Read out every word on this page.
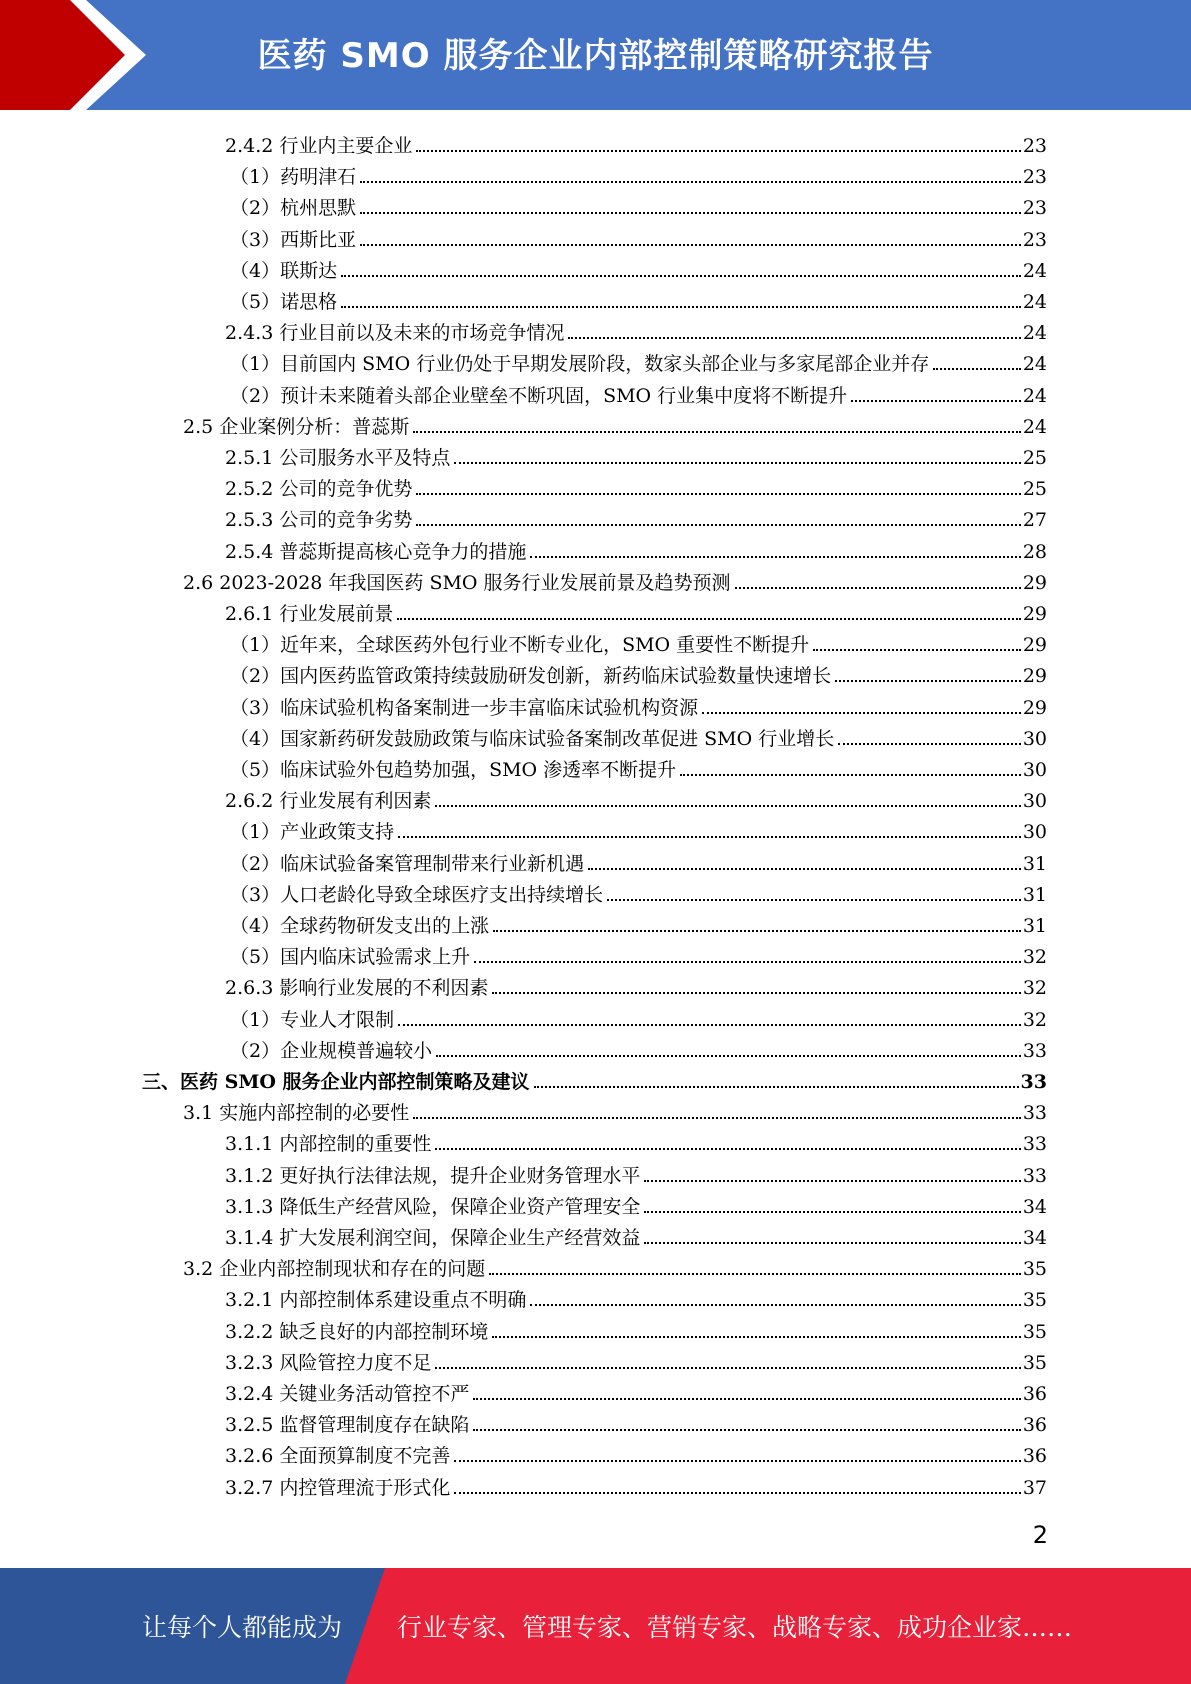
医药 SMO 服务企业内部控制策略研究报告
2.4.2 行业内主要企业	23
（1）药明津石	23
（2）杭州思默	23
（3）西斯比亚	23
（4）联斯达	24
（5）诺思格	24
2.4.3 行业目前以及未来的市场竞争情况	24
（1）目前国内 SMO 行业仍处于早期发展阶段，数家头部企业与多家尾部企业并存	24
（2）预计未来随着头部企业壁垒不断巩固，SMO 行业集中度将不断提升	24
2.5 企业案例分析：普蕊斯	24
2.5.1 公司服务水平及特点	25
2.5.2 公司的竞争优势	25
2.5.3 公司的竞争劣势	27
2.5.4 普蕊斯提高核心竞争力的措施	28
2.6 2023-2028 年我国医药 SMO 服务行业发展前景及趋势预测	29
2.6.1 行业发展前景	29
（1）近年来，全球医药外包行业不断专业化，SMO 重要性不断提升	29
（2）国内医药监管政策持续鼓励研发创新，新药临床试验数量快速增长	29
（3）临床试验机构备案制进一步丰富临床试验机构资源	29
（4）国家新药研发鼓励政策与临床试验备案制改革促进 SMO 行业增长	30
（5）临床试验外包趋势加强，SMO 渗透率不断提升	30
2.6.2 行业发展有利因素	30
（1）产业政策支持	30
（2）临床试验备案管理制带来行业新机遇	31
（3）人口老龄化导致全球医疗支出持续增长	31
（4）全球药物研发支出的上涨	31
（5）国内临床试验需求上升	32
2.6.3 影响行业发展的不利因素	32
（1）专业人才限制	32
（2）企业规模普遍较小	33
三、医药 SMO 服务企业内部控制策略及建议	33
3.1 实施内部控制的必要性	33
3.1.1 内部控制的重要性	33
3.1.2 更好执行法律法规，提升企业财务管理水平	33
3.1.3 降低生产经营风险，保障企业资产管理安全	34
3.1.4 扩大发展利润空间，保障企业生产经营效益	34
3.2 企业内部控制现状和存在的问题	35
3.2.1 内部控制体系建设重点不明确	35
3.2.2 缺乏良好的内部控制环境	35
3.2.3 风险管控力度不足	35
3.2.4 关键业务活动管控不严	36
3.2.5 监督管理制度存在缺陷	36
3.2.6 全面预算制度不完善	36
3.2.7 内控管理流于形式化	37
2
让每个人都能成为 行业专家、管理专家、营销专家、战略专家、成功企业家……
